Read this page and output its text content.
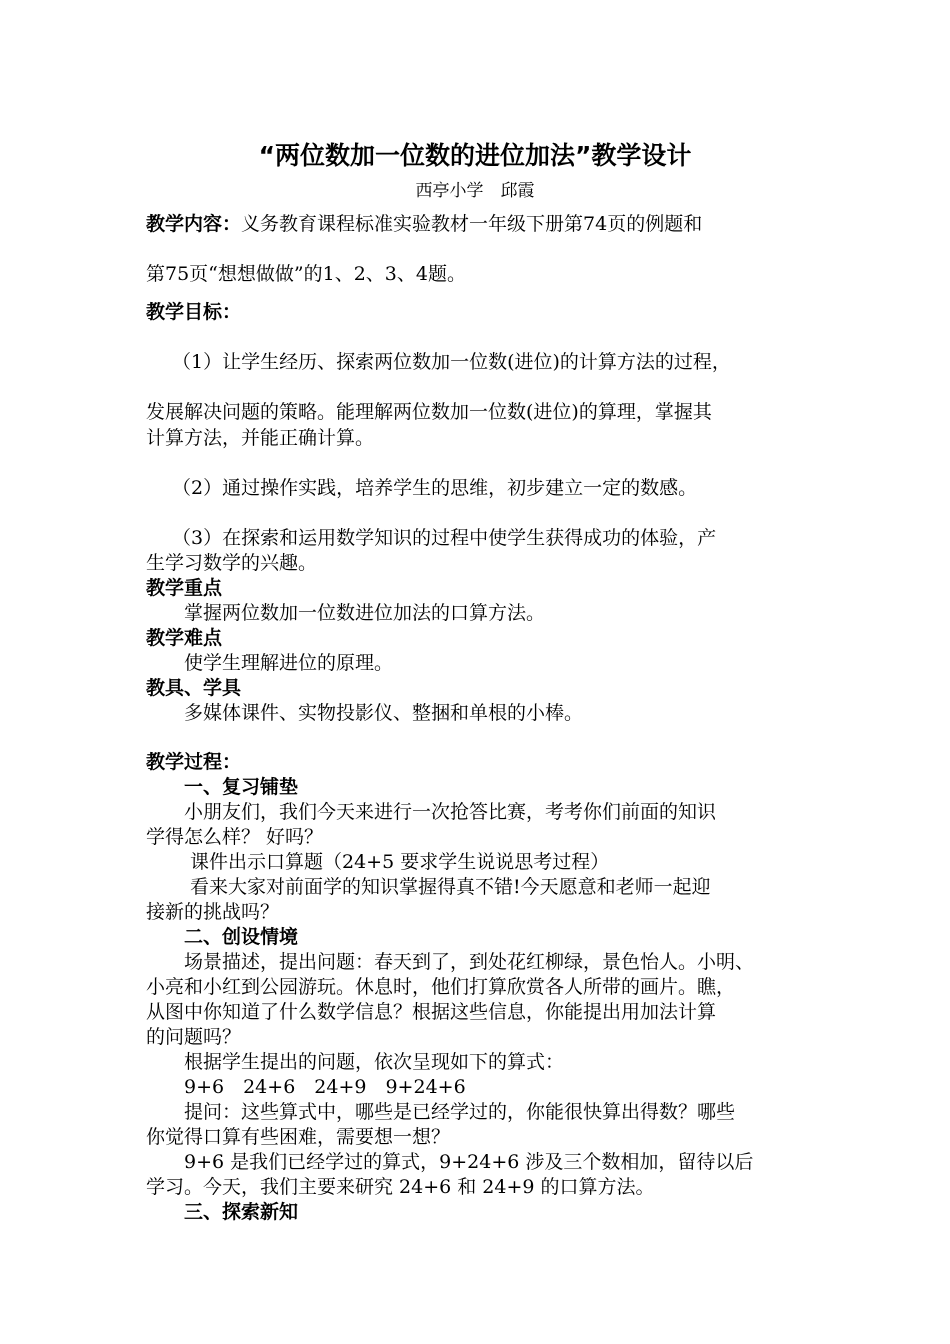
“两位数加一位数的进位加法”教学设计
西亭小学　邱霞
教学内容：义务教育课程标准实验教材一年级下册第74页的例题和
第75页“想想做做”的1、2、3、4题。
教学目标：
（1）让学生经历、探索两位数加一位数(进位)的计算方法的过程，
发展解决问题的策略。能理解两位数加一位数(进位)的算理，掌握其
计算方法，并能正确计算。
（2）通过操作实践，培养学生的思维，初步建立一定的数感。
（3）在探索和运用数学知识的过程中使学生获得成功的体验，产
生学习数学的兴趣。
教学重点
掌握两位数加一位数进位加法的口算方法。
教学难点
使学生理解进位的原理。
教具、学具
多媒体课件、实物投影仪、整捆和单根的小棒。
教学过程：
一、复习铺垫
小朋友们，我们今天来进行一次抢答比赛，考考你们前面的知识
学得怎么样？ 好吗？
课件出示口算题（24+5 要求学生说说思考过程）
看来大家对前面学的知识掌握得真不错!今天愿意和老师一起迎
接新的挑战吗？
二、创设情境
场景描述，提出问题：春天到了，到处花红柳绿，景色怡人。小明、
小亮和小红到公园游玩。休息时，他们打算欣赏各人所带的画片。瞧，
从图中你知道了什么数学信息？根据这些信息，你能提出用加法计算
的问题吗？
根据学生提出的问题，依次呈现如下的算式：
9+6　24+6　24+9　9+24+6
提问：这些算式中，哪些是已经学过的，你能很快算出得数？哪些
你觉得口算有些困难，需要想一想？
9+6 是我们已经学过的算式，9+24+6 涉及三个数相加，留待以后
学习。今天，我们主要来研究 24+6 和 24+9 的口算方法。
三、探索新知
